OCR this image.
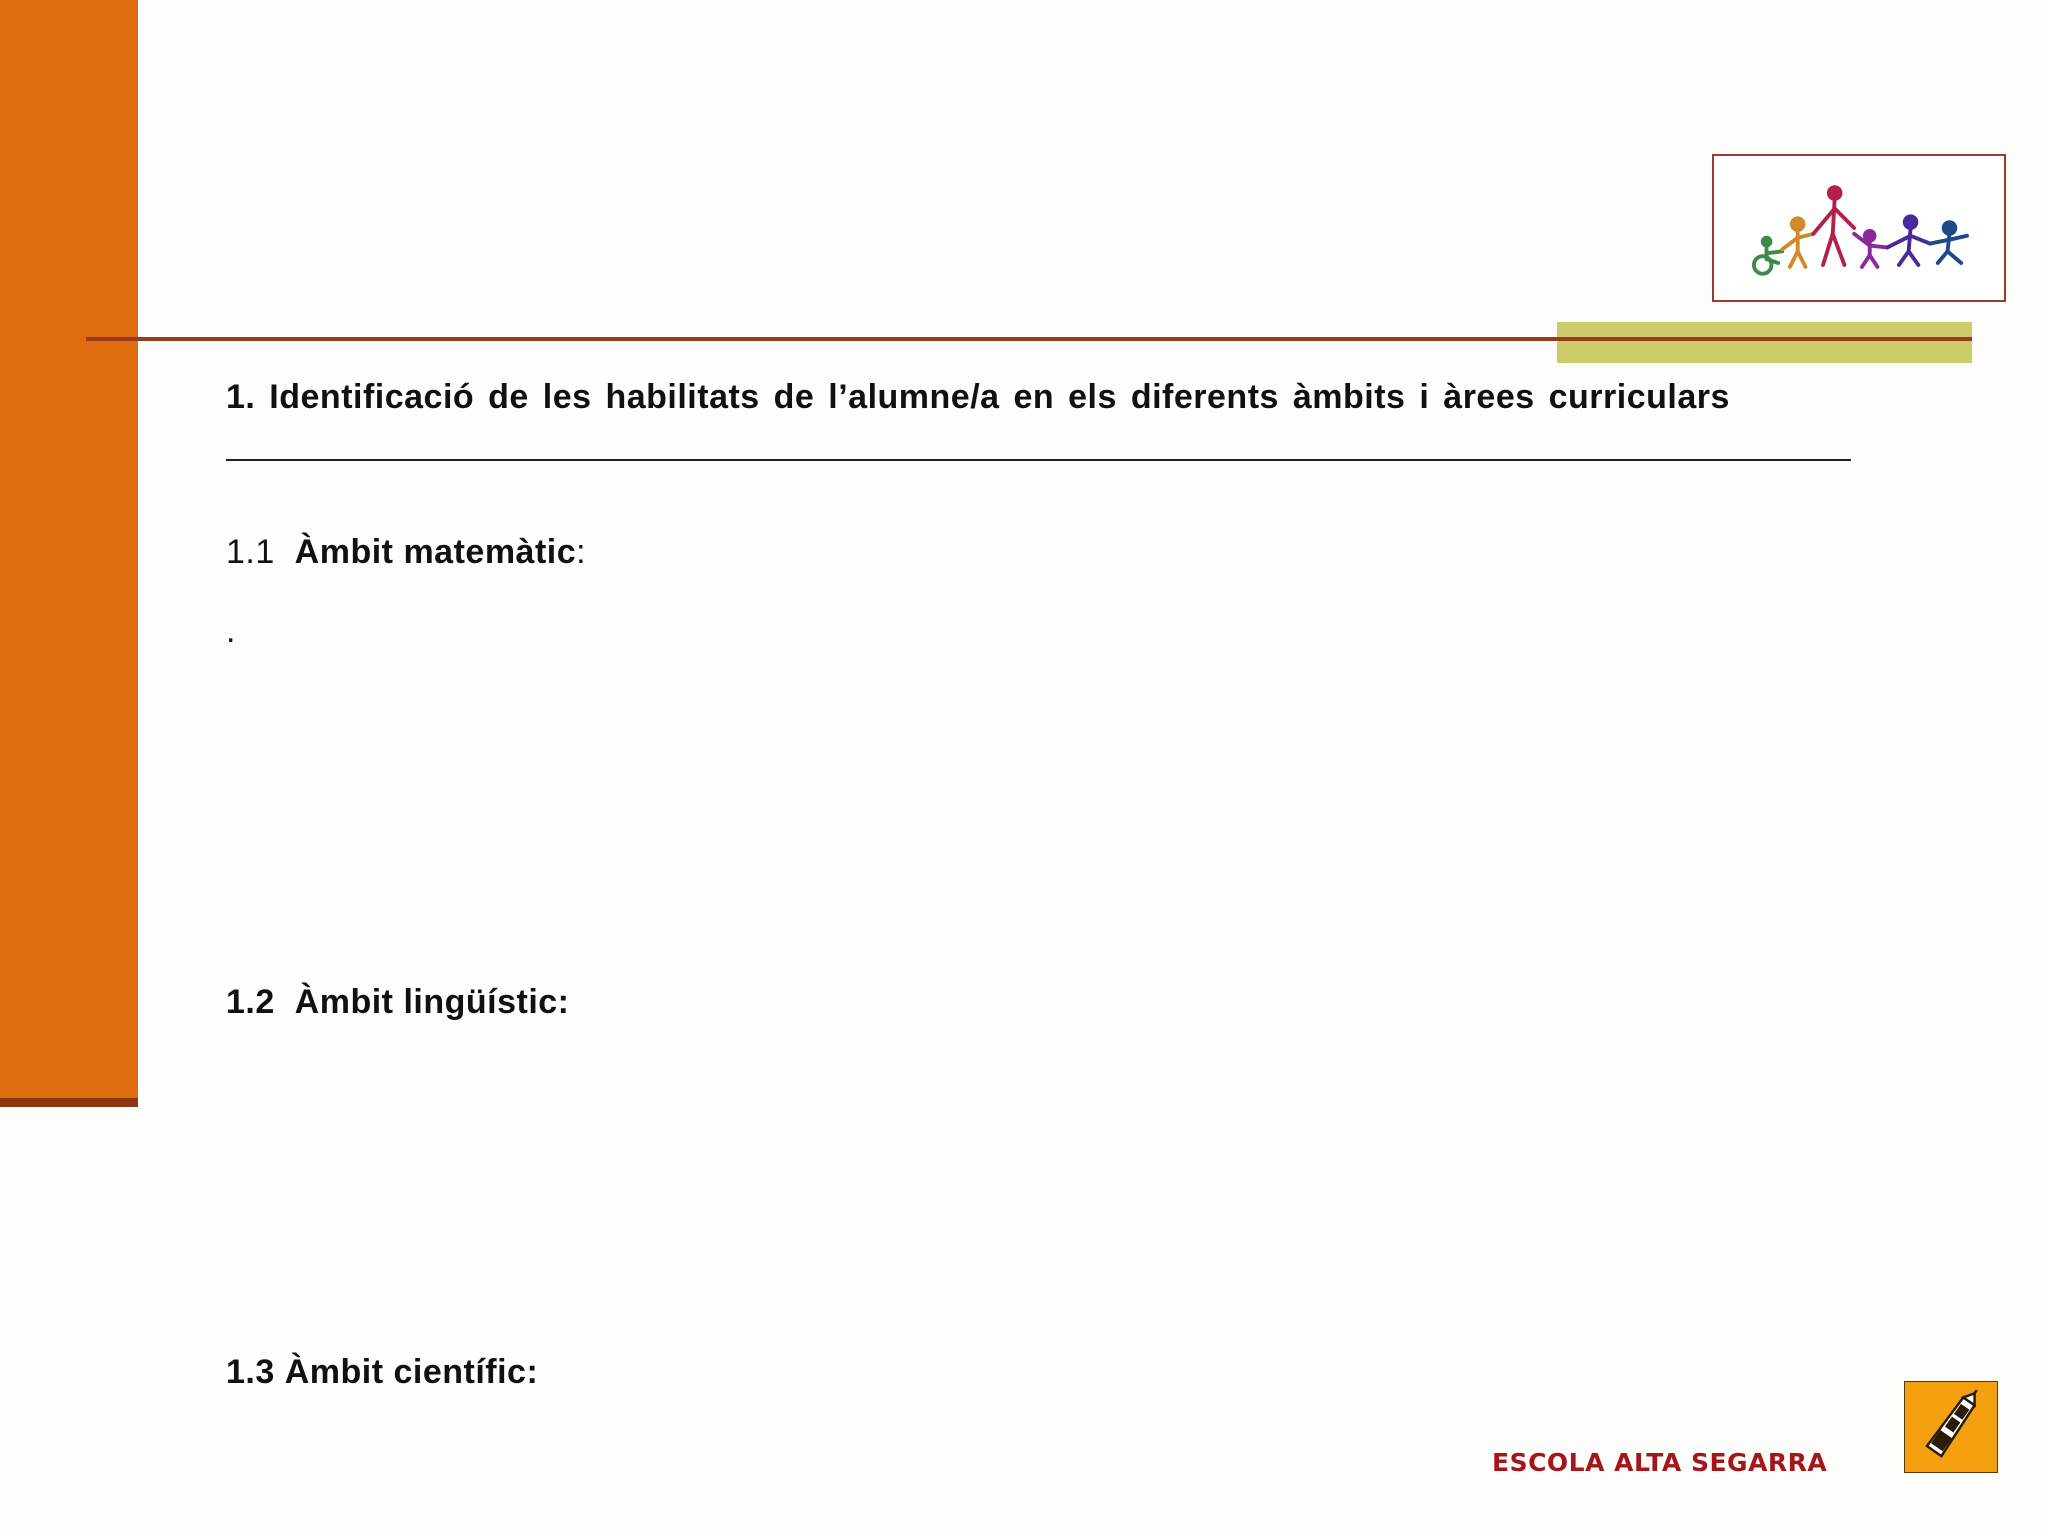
1. Identificació de les habilitats de l’alumne/a en els diferents àmbits i àrees curriculars

1.1 Àmbit matemàtic:

.

1.2 Àmbit lingüístic:

1.3 Àmbit científic:

ESCOLA ALTA SEGARRA
